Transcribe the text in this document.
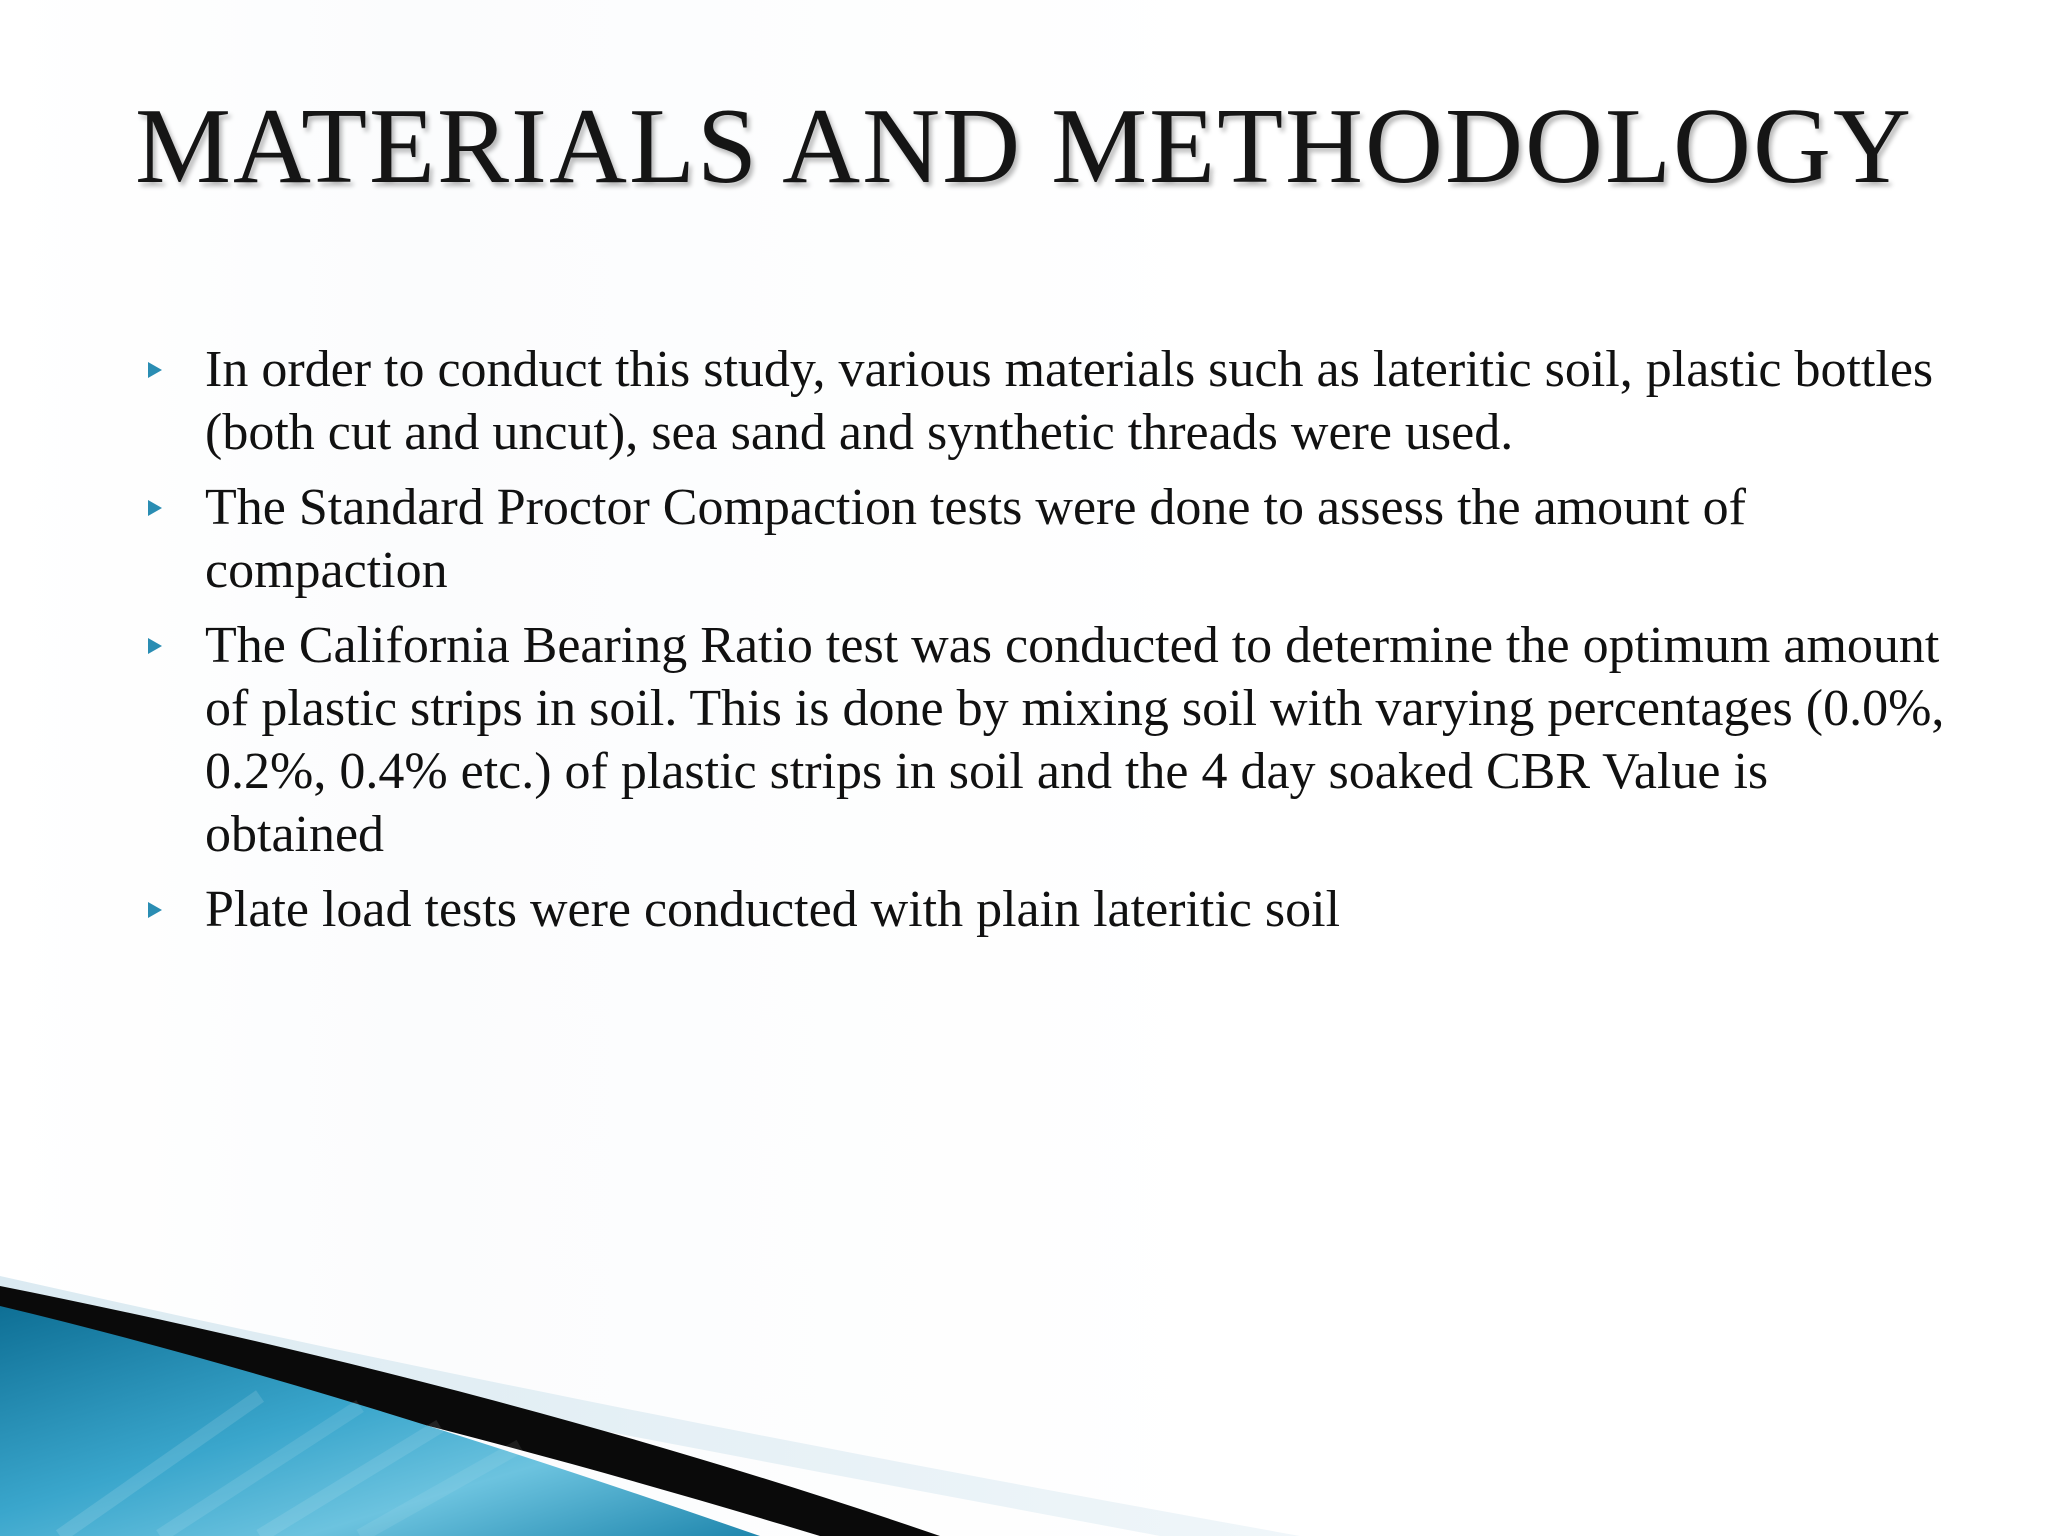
MATERIALS AND METHODOLOGY
In order to conduct this study, various materials such as lateritic soil, plastic bottles (both cut and uncut), sea sand and synthetic threads were used.
The Standard Proctor Compaction tests were done to assess the amount of compaction
The California Bearing Ratio test was conducted to determine the optimum amount of plastic strips in soil. This is done by mixing soil with varying percentages (0.0%, 0.2%, 0.4% etc.) of plastic strips in soil and the 4 day soaked CBR Value is obtained
Plate load tests were conducted with plain lateritic soil
